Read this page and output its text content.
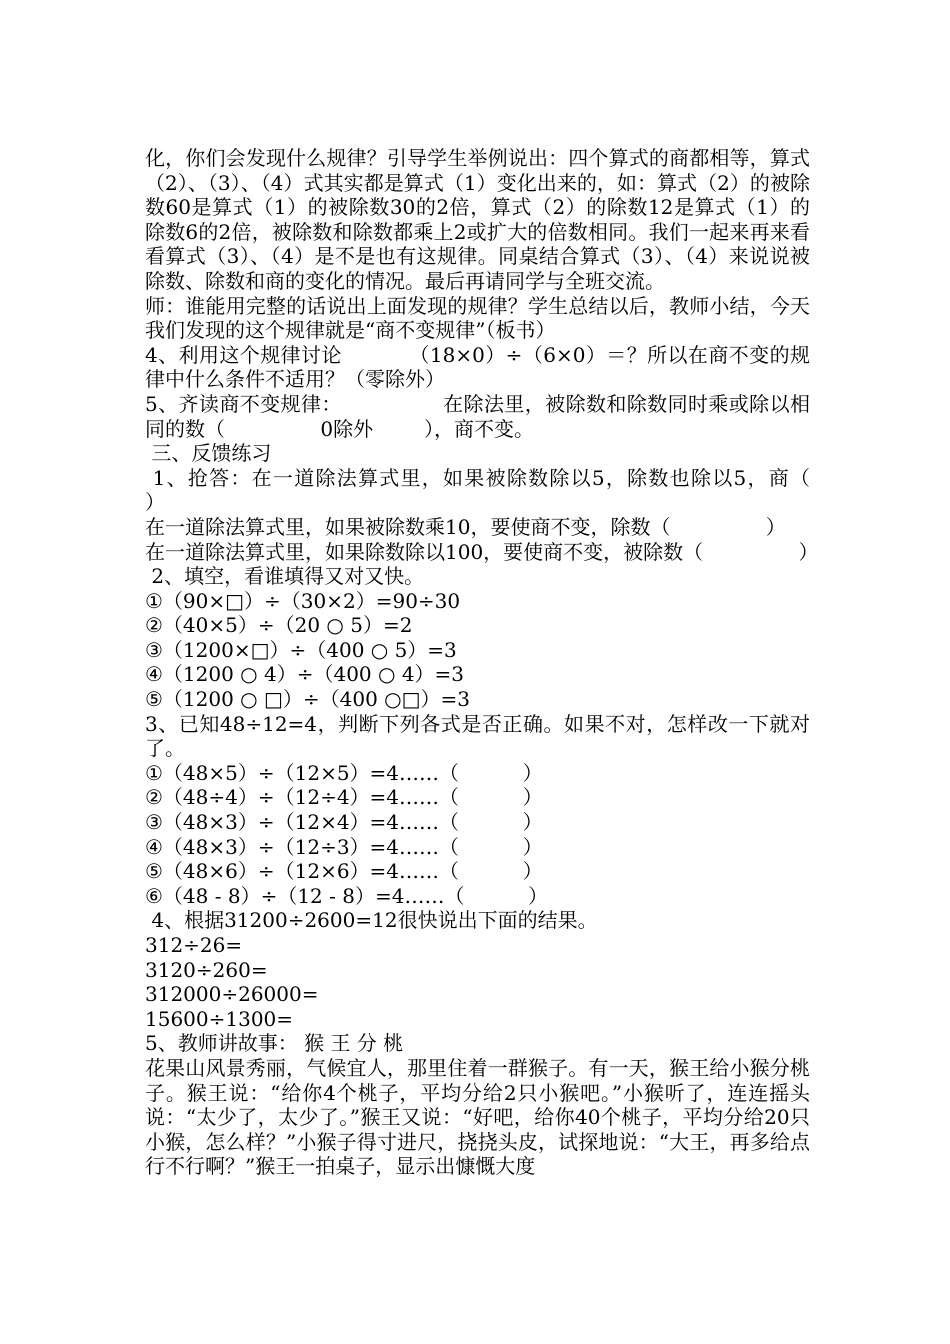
化，你们会发现什么规律？引导学生举例说出：四个算式的商都相等，算式（2）、（3）、（4）式其实都是算式（1）变化出来的，如：算式（2）的被除数60是算式（1）的被除数30的2倍，算式（2）的除数12是算式（1）的除数6的2倍，被除数和除数都乘上2或扩大的倍数相同。我们一起来再来看看算式（3）、（4）是不是也有这规律。同桌结合算式（3）、（4）来说说被除数、除数和商的变化的情况。最后再请同学与全班交流。

师：谁能用完整的话说出上面发现的规律？学生总结以后，教师小结，今天我们发现的这个规律就是“商不变规律”（板书）

4、利用这个规律讨论          （18×0）÷（6×0）＝？所以在商不变的规律中什么条件不适用？（零除外）

5、齐读商不变规律：               在除法里，被除数和除数同时乘或除以相同的数（               0除外        ），商不变。

三、反馈练习

1、抢答：在一道除法算式里，如果被除数除以5，除数也除以5，商（               ）

在一道除法算式里，如果被除数乘10，要使商不变，除数（               ）

在一道除法算式里，如果除数除以100，要使商不变，被除数（               ）

2、填空，看谁填得又对又快。

①（90×□）÷（30×2）=90÷30

②（40×5）÷（20 ○ 5）=2

③（1200×□）÷（400 ○ 5）=3

④（1200 ○ 4）÷（400 ○ 4）=3

⑤（1200 ○ □）÷（400 ○□）=3

3、已知48÷12=4，判断下列各式是否正确。如果不对，怎样改一下就对了。

①（48×5）÷（12×5）=4……（          ）

②（48÷4）÷（12÷4）=4……（          ）

③（48×3）÷（12×4）=4……（          ）

④（48×3）÷（12÷3）=4……（          ）

⑤（48×6）÷（12×6）=4……（          ）

⑥（48 - 8）÷（12 - 8）=4……（          ）

4、根据31200÷2600=12很快说出下面的结果。

312÷26=

3120÷260=

312000÷26000=

15600÷1300=

5、教师讲故事： 猴 王 分 桃

花果山风景秀丽，气候宜人，那里住着一群猴子。有一天，猴王给小猴分桃子。猴王说：“给你4个桃子，平均分给2只小猴吧。”小猴听了，连连摇头说：“太少了，太少了。”猴王又说：“好吧，给你40个桃子，平均分给20只小猴，怎么样？”小猴子得寸进尺，挠挠头皮，试探地说：“大王，再多给点行不行啊？”猴王一拍桌子，显示出慷慨大度
